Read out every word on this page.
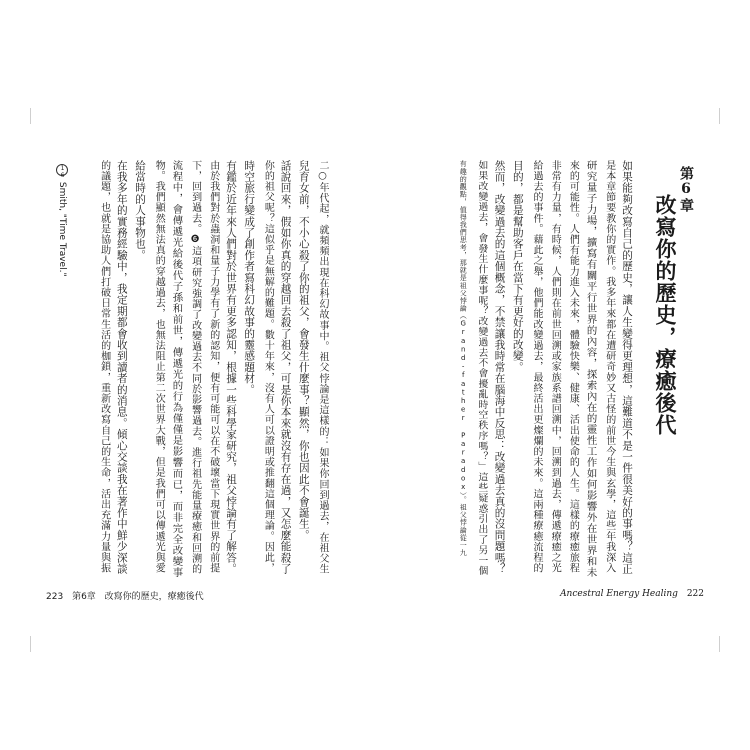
第6章
改寫你的歷史，療癒後代
如果能夠改寫自己的歷史，讓人生變得更理想，這難道不是一件很美好的事嗎？這正
是本章節要教你的實作。我多年來都在遭研奇妙又古怪的前世今生與玄學，這些年我深入
研究量子力場，擴寫有關平行世界的內容，探索內在的靈性工作如何影響外在世界和未
來的可能性。人們有能力進入未來，體驗快樂、健康、活出使命的人生。這樣的療癒旅程
非常有力量，有時候，人們則在前世回溯或家族系譜回溯中，回溯到過去，傳遞療癒之光
給過去的事件。藉此之舉，他們能改變過去，最終活出更燦爛的未來。這兩種療癒流程的
目的，都是幫助客戶在當下有更好的改變。
然而，改變過去的這個概念，不禁讓我時常在腦海中反思：改變過去真的沒問題嗎？
如果改變過去，會發生什麼事呢？改變過去不會擾亂時空秩序嗎？」這些疑惑引出了另一個
有趣的觀點，值得我們思考，那就是祖父悖論（Grand-father Paradox）。祖父悖論從一九
Ancestral Energy Healing 222
二○年代起，就頻頻出現在科幻故事中。祖父悖論是這樣的：如果你回到過去，在祖父生
兒育女前，不小心殺了你的祖父，會發生什麼事？顯然，你也因此不會誕生。
話說回來，假如你真的穿越回去殺了祖父，可是你本來就沒有存在過，又怎麼能殺了
你的祖父呢？這似乎是無解的難題。數十年來，沒有人可以證明或推翻這個理論。因此，
時空旅行變成了創作者寫科幻故事的靈感題材。
有鑑於近年來人們對於世界有更多認知，根據一些科學家研究，祖父悖論有了解答。
由於我們對於蟲洞和量子力學有了新的認知，便有可能可以在不破壞當下現實世界的前提
下，回到過去。❻這項研究強調了改變過去不同於影響過去。進行祖先能量療癒和回溯的
流程中，會傳遞光給後代子孫和前世，傳遞光的行為僅僅是影響而已，而非完全改變事
物。我們顯然無法真的穿越過去，也無法阻止第二次世界大戰，但是我們可以傳遞光與愛
給當時的人事物也。
在我多年的實務經驗中，我定期都會收到讀者的消息。傾心交談我在著作中鮮少深談
的議題，也就是協助人們打破日常生活的枷鎖，重新改寫自己的生命，活出充滿力量與振
16 Smith, "Time Travel."
223 第6章 改寫你的歷史，療癒後代
